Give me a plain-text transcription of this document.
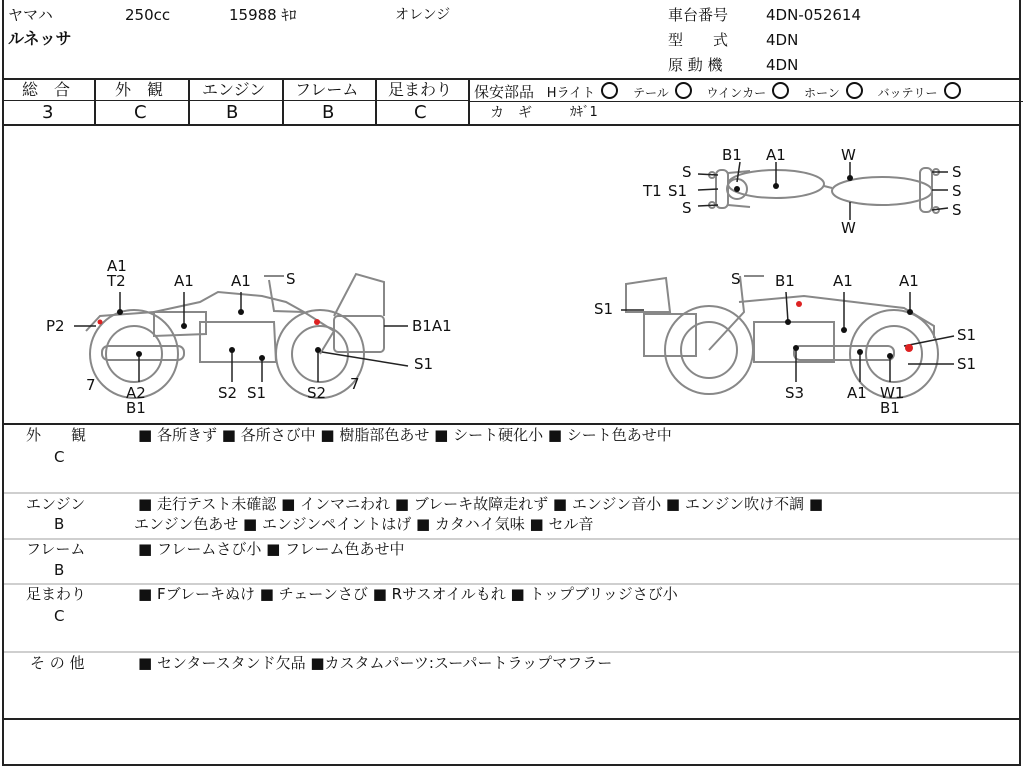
ヤマハ	250cc	15988 ｷﾛ	オレンジ
ルネッサ
車台番号	4DN-052614
型　　式	4DN
原 動 機	4DN
総　合
3
外　観
C
エンジン
B
フレーム
B
足まわり
C
保安部品 Hライト	テール	ウインカー	ホーン	バッテリー
カ　ギ	ｶｷﾞ1
B1 A1	W
S
S
S
T1 S1
S
S
W
A1
T2
A1
A1 S
P2	B1A1
S1
7 A2
B1
S2 S1	S2 7
S B1	A1	A1
S1
S1
S1
S3	A1 W1
B1
外　　観
C
■ 各所きず ■ 各所さび中 ■ 樹脂部色あせ ■ シート硬化小 ■ シート色あせ中
エンジン
B
■ 走行テスト未確認 ■ インマニわれ ■ ブレーキ故障走れず ■ エンジン音小 ■ エンジン吹け不調 ■
エンジン色あせ ■ エンジンペイントはげ ■ カタハイ気味 ■ セル音
フレーム
B
■ フレームさび小 ■ フレーム色あせ中
足まわり
C
■ Fブレーキぬけ ■ チェーンさび ■ Rサスオイルもれ ■ トップブリッジさび小
そ の 他	■ センタースタンド欠品 ■カスタムパーツ:スーパートラップマフラー
